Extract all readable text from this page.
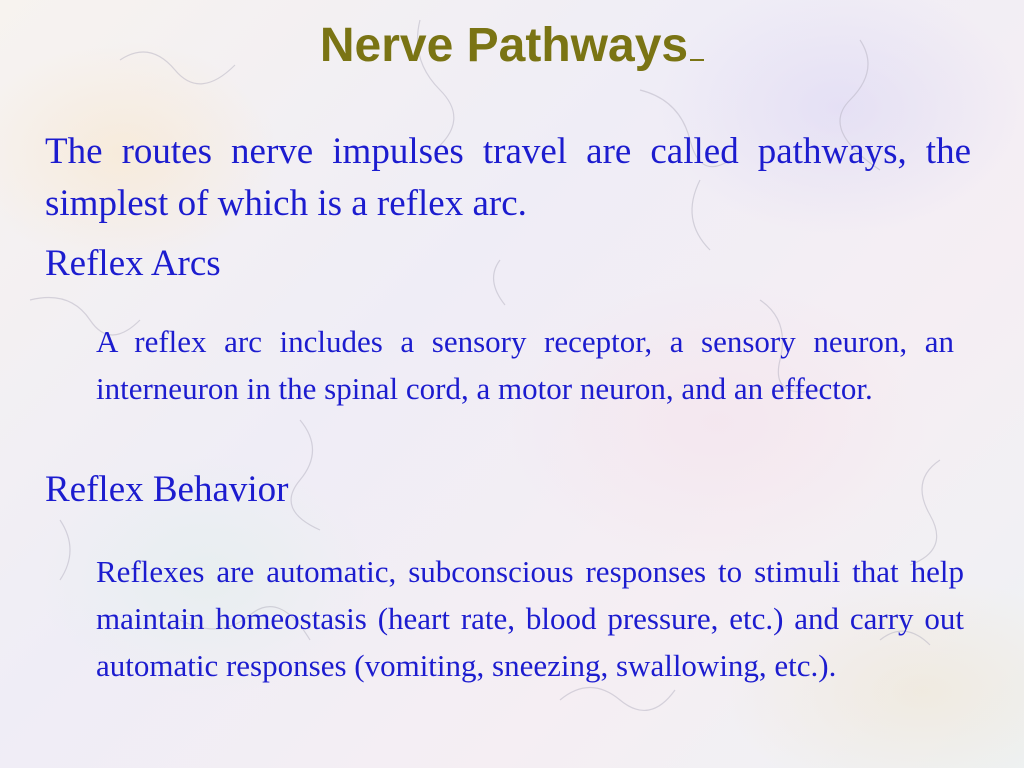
Nerve Pathways

The routes nerve impulses travel are called pathways, the simplest of which is a reflex arc.

Reflex Arcs

A reflex arc includes a sensory receptor, a sensory neuron, an interneuron in the spinal cord, a motor neuron, and an effector.

Reflex Behavior

Reflexes are automatic, subconscious responses to stimuli that help maintain homeostasis (heart rate, blood pressure, etc.) and carry out automatic responses (vomiting, sneezing, swallowing, etc.).
